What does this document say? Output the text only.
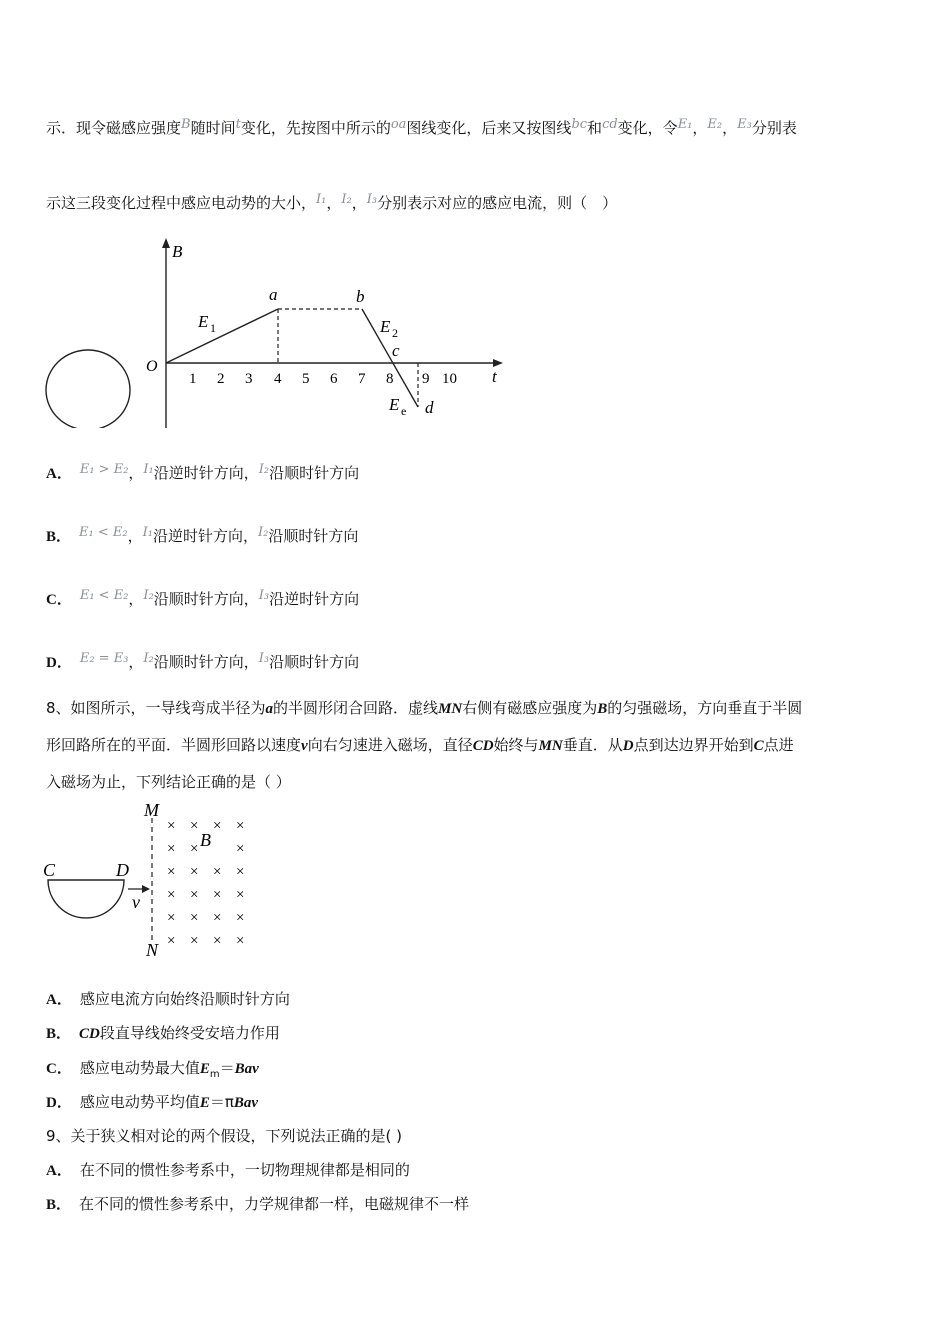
示．现令磁感应强度B随时间t变化，先按图中所示的oa图线变化，后来又按图线bc和cd变化，令E₁，E₂，E₃分别表
示这三段变化过程中感应电动势的大小，I₁，I₂，I₃分别表示对应的感应电流，则（　）
B
O
t
1 2 3 4 5 6 7 8 9 10
a	b
c
d
E 1	E 2
E e
A． E₁ > E₂，I₁沿逆时针方向，I₂沿顺时针方向
B． E₁ < E₂，I₁沿逆时针方向，I₂沿顺时针方向
C． E₁ < E₂，I₂沿顺时针方向，I₃沿逆时针方向
D． E₂ = E₃，I₂沿顺时针方向，I₃沿顺时针方向
8、如图所示，一导线弯成半径为a的半圆形闭合回路．虚线MN右侧有磁感应强度为B的匀强磁场，方向垂直于半圆
形回路所在的平面．半圆形回路以速度v向右匀速进入磁场，直径CD始终与MN垂直．从D点到达边界开始到C点进
入磁场为止，下列结论正确的是（ ）
M
N
× × × ×
× ×	×
× × × ×
× × × ×
× × × ×
× × × ×
B
C	D
v
A． 感应电流方向始终沿顺时针方向
B． CD段直导线始终受安培力作用
C． 感应电动势最大值$E_m=Bav$
D． 感应电动势平均值E＝πBav
9、关于狭义相对论的两个假设，下列说法正确的是( )
A． 在不同的惯性参考系中，一切物理规律都是相同的
B． 在不同的惯性参考系中，力学规律都一样，电磁规律不一样
